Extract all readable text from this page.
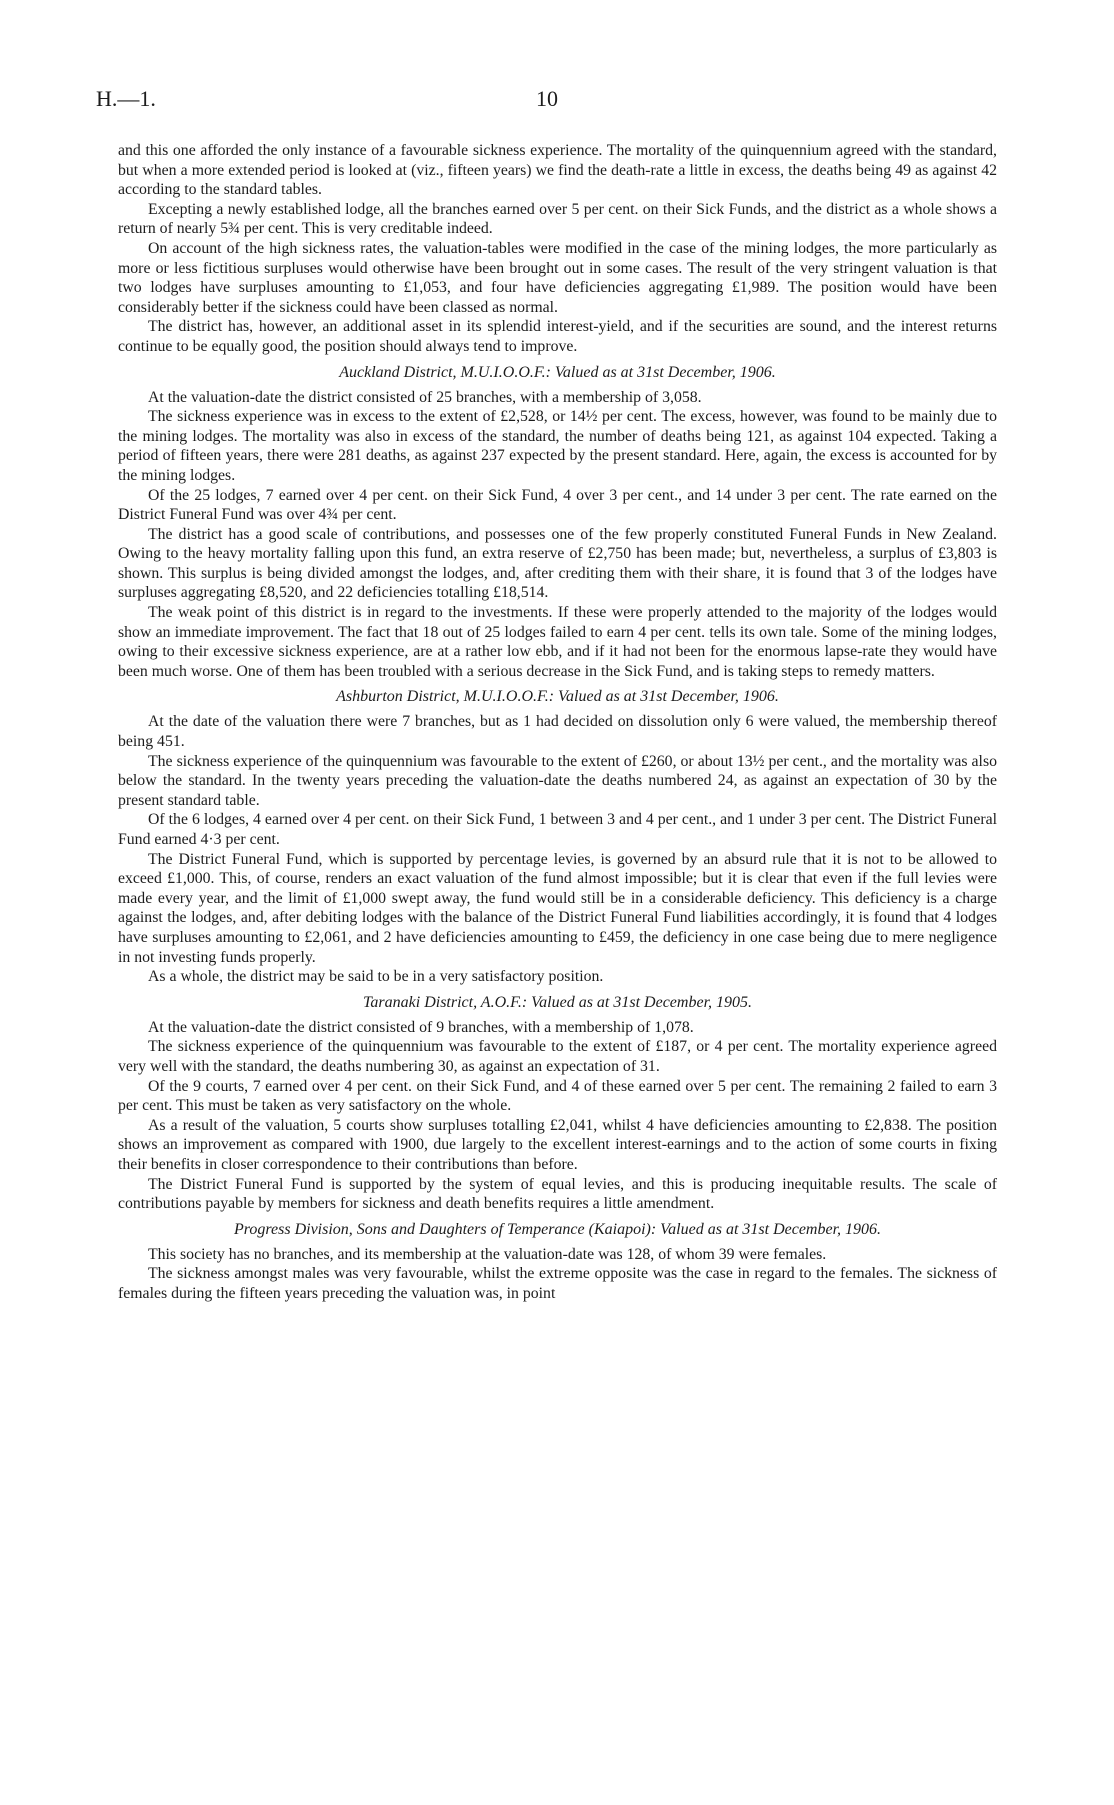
H.—1.	10

and this one afforded the only instance of a favourable sickness experience. The mortality of the quinquennium agreed with the standard, but when a more extended period is looked at (viz., fifteen years) we find the death-rate a little in excess, the deaths being 49 as against 42 according to the standard tables.

Excepting a newly established lodge, all the branches earned over 5 per cent. on their Sick Funds, and the district as a whole shows a return of nearly 5¾ per cent. This is very creditable indeed.

On account of the high sickness rates, the valuation-tables were modified in the case of the mining lodges, the more particularly as more or less fictitious surpluses would otherwise have been brought out in some cases. The result of the very stringent valuation is that two lodges have surpluses amounting to £1,053, and four have deficiencies aggregating £1,989. The position would have been considerably better if the sickness could have been classed as normal.

The district has, however, an additional asset in its splendid interest-yield, and if the securities are sound, and the interest returns continue to be equally good, the position should always tend to improve.

Auckland District, M.U.I.O.O.F.: Valued as at 31st December, 1906.

At the valuation-date the district consisted of 25 branches, with a membership of 3,058.

The sickness experience was in excess to the extent of £2,528, or 14½ per cent. The excess, however, was found to be mainly due to the mining lodges. The mortality was also in excess of the standard, the number of deaths being 121, as against 104 expected. Taking a period of fifteen years, there were 281 deaths, as against 237 expected by the present standard. Here, again, the excess is accounted for by the mining lodges.

Of the 25 lodges, 7 earned over 4 per cent. on their Sick Fund, 4 over 3 per cent., and 14 under 3 per cent. The rate earned on the District Funeral Fund was over 4¾ per cent.

The district has a good scale of contributions, and possesses one of the few properly constituted Funeral Funds in New Zealand. Owing to the heavy mortality falling upon this fund, an extra reserve of £2,750 has been made; but, nevertheless, a surplus of £3,803 is shown. This surplus is being divided amongst the lodges, and, after crediting them with their share, it is found that 3 of the lodges have surpluses aggregating £8,520, and 22 deficiencies totalling £18,514.

The weak point of this district is in regard to the investments. If these were properly attended to the majority of the lodges would show an immediate improvement. The fact that 18 out of 25 lodges failed to earn 4 per cent. tells its own tale. Some of the mining lodges, owing to their excessive sickness experience, are at a rather low ebb, and if it had not been for the enormous lapse-rate they would have been much worse. One of them has been troubled with a serious decrease in the Sick Fund, and is taking steps to remedy matters.

Ashburton District, M.U.I.O.O.F.: Valued as at 31st December, 1906.

At the date of the valuation there were 7 branches, but as 1 had decided on dissolution only 6 were valued, the membership thereof being 451.

The sickness experience of the quinquennium was favourable to the extent of £260, or about 13½ per cent., and the mortality was also below the standard. In the twenty years preceding the valuation-date the deaths numbered 24, as against an expectation of 30 by the present standard table.

Of the 6 lodges, 4 earned over 4 per cent. on their Sick Fund, 1 between 3 and 4 per cent., and 1 under 3 per cent. The District Funeral Fund earned 4·3 per cent.

The District Funeral Fund, which is supported by percentage levies, is governed by an absurd rule that it is not to be allowed to exceed £1,000. This, of course, renders an exact valuation of the fund almost impossible; but it is clear that even if the full levies were made every year, and the limit of £1,000 swept away, the fund would still be in a considerable deficiency. This deficiency is a charge against the lodges, and, after debiting lodges with the balance of the District Funeral Fund liabilities accordingly, it is found that 4 lodges have surpluses amounting to £2,061, and 2 have deficiencies amounting to £459, the deficiency in one case being due to mere negligence in not investing funds properly.

As a whole, the district may be said to be in a very satisfactory position.

Taranaki District, A.O.F.: Valued as at 31st December, 1905.

At the valuation-date the district consisted of 9 branches, with a membership of 1,078.

The sickness experience of the quinquennium was favourable to the extent of £187, or 4 per cent. The mortality experience agreed very well with the standard, the deaths numbering 30, as against an expectation of 31.

Of the 9 courts, 7 earned over 4 per cent. on their Sick Fund, and 4 of these earned over 5 per cent. The remaining 2 failed to earn 3 per cent. This must be taken as very satisfactory on the whole.

As a result of the valuation, 5 courts show surpluses totalling £2,041, whilst 4 have deficiencies amounting to £2,838. The position shows an improvement as compared with 1900, due largely to the excellent interest-earnings and to the action of some courts in fixing their benefits in closer correspondence to their contributions than before.

The District Funeral Fund is supported by the system of equal levies, and this is producing inequitable results. The scale of contributions payable by members for sickness and death benefits requires a little amendment.

Progress Division, Sons and Daughters of Temperance (Kaiapoi): Valued as at 31st December, 1906.

This society has no branches, and its membership at the valuation-date was 128, of whom 39 were females.

The sickness amongst males was very favourable, whilst the extreme opposite was the case in regard to the females. The sickness of females during the fifteen years preceding the valuation was, in point
